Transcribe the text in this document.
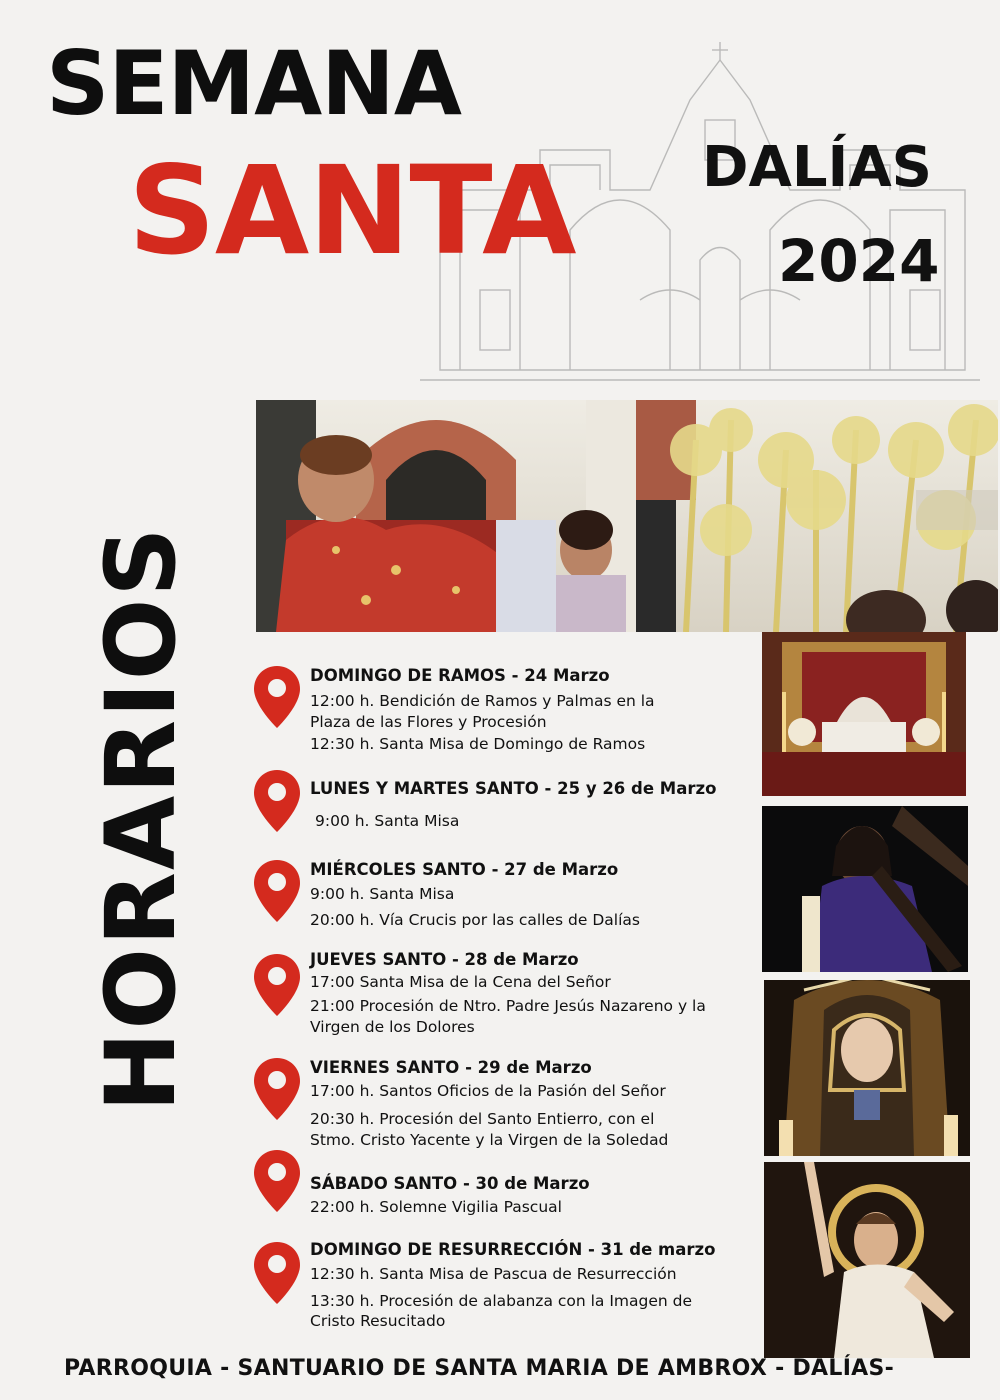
SEMANA
SANTA DALÍAS
2024
HORARIOS	DOMINGO DE RAMOS - 24 Marzo
12:00 h. Bendición de Ramos y Palmas en la
Plaza de las Flores y Procesión
12:30 h. Santa Misa de Domingo de Ramos
LUNES Y MARTES SANTO - 25 y 26 de Marzo
9:00 h. Santa Misa
MIÉRCOLES SANTO - 27 de Marzo
9:00 h. Santa Misa
20:00 h. Vía Crucis por las calles de Dalías
JUEVES SANTO - 28 de Marzo
17:00 Santa Misa de la Cena del Señor
21:00 Procesión de Ntro. Padre Jesús Nazareno y la
Virgen de los Dolores
VIERNES SANTO - 29 de Marzo
17:00 h. Santos Oficios de la Pasión del Señor
20:30 h. Procesión del Santo Entierro, con el
Stmo. Cristo Yacente y la Virgen de la Soledad
SÁBADO SANTO - 30 de Marzo
22:00 h. Solemne Vigilia Pascual
DOMINGO DE RESURRECCIÓN - 31 de marzo
12:30 h. Santa Misa de Pascua de Resurrección
13:30 h. Procesión de alabanza con la Imagen de
Cristo Resucitado
PARROQUIA - SANTUARIO DE SANTA MARIA DE AMBROX - DALÍAS-
